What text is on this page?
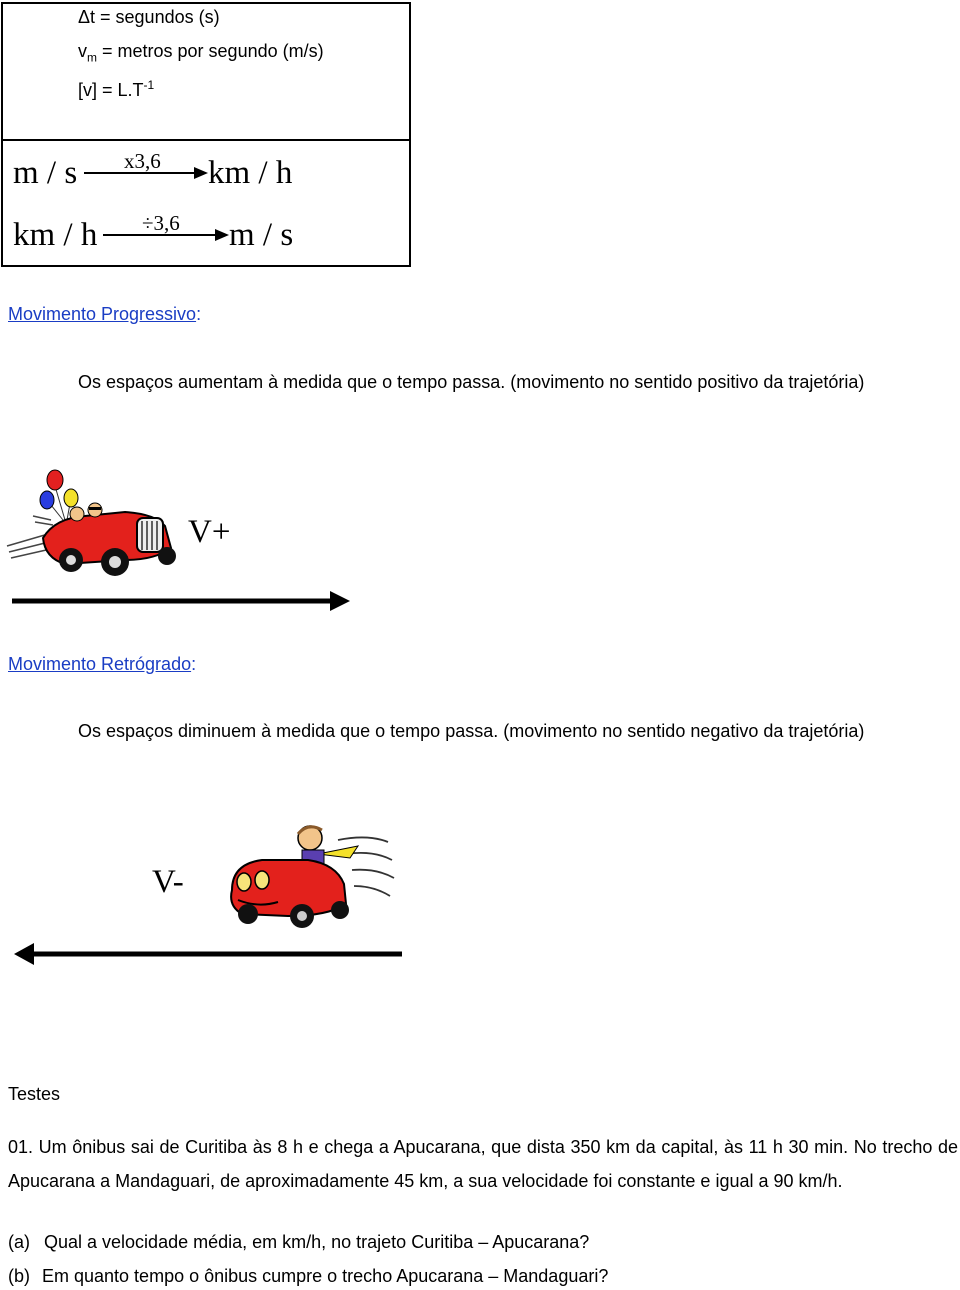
Δt = segundos (s)
$v_m$ = metros por segundo (m/s)
$[v] = L.T^{-1}$
m / s x3,6 km / h
km / h ÷3,6 m / s
Movimento Progressivo:
Os espaços aumentam à medida que o tempo passa. (movimento no sentido positivo da trajetória)
V+
Movimento Retrógrado:
Os espaços diminuem à medida que o tempo passa. (movimento no sentido negativo da trajetória)
V-
Testes
01. Um ônibus sai de Curitiba às 8 h e chega a Apucarana, que dista 350 km da capital, às 11 h 30 min. No trecho de Apucarana a Mandaguari, de aproximadamente 45 km, a sua velocidade foi constante e igual a 90 km/h.
(a) Qual a velocidade média, em km/h, no trajeto Curitiba – Apucarana?
(b) Em quanto tempo o ônibus cumpre o trecho Apucarana – Mandaguari?
